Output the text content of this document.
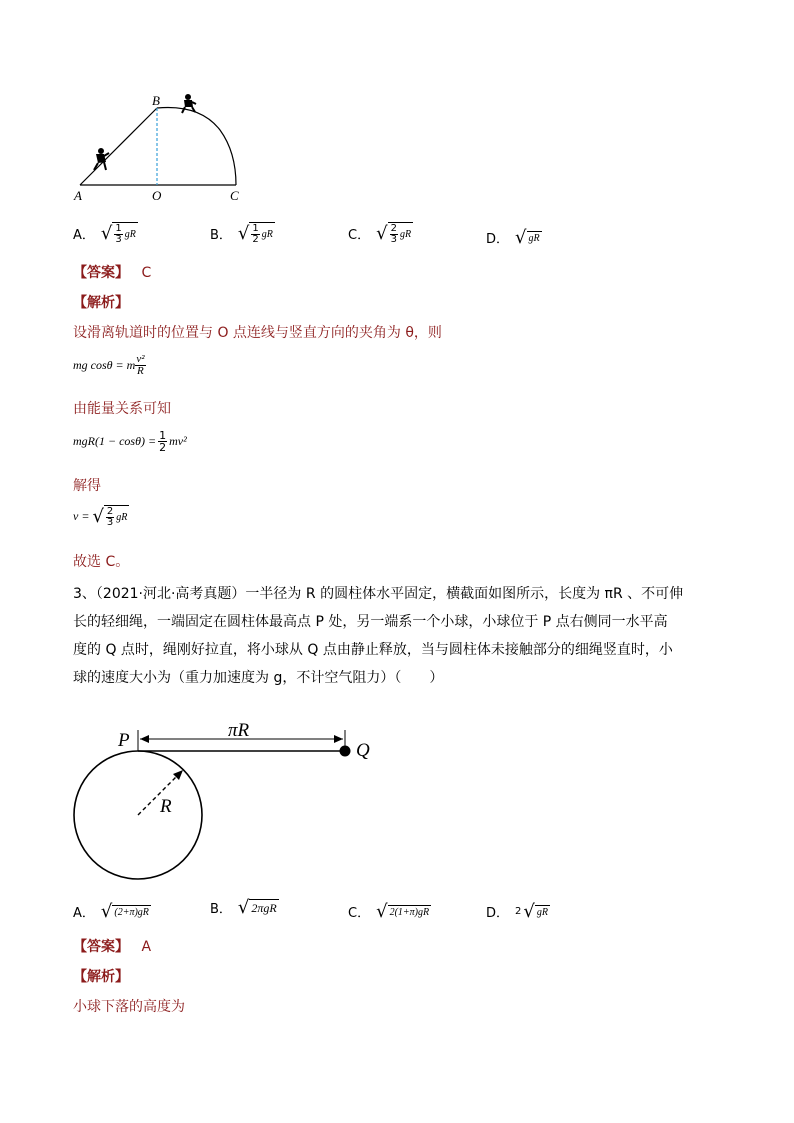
A
B
O	C
A． √ $\frac{1}{3}$ gR	B． √ $\frac{1}{2}$ gR	C． √ $\frac{2}{3}$ gR	D． √ gR
【答案】 C
【解析】
设滑离轨道时的位置与 O 点连线与竖直方向的夹角为 θ，则
mg cosθ = m $\frac{\text{v²}}{R}$
由能量关系可知
$mgR(1 - \cos\theta) = \frac{1}{2} mv^2$
解得
v = √ $\frac{2}{3}$ gR
故选 C。
3、（2021·河北·高考真题）一半径为 R 的圆柱体水平固定，横截面如图所示，长度为 πR 、不可伸
长的轻细绳，一端固定在圆柱体最高点 P 处，另一端系一个小球，小球位于 P 点右侧同一水平高
度的 Q 点时，绳刚好拉直，将小球从 Q 点由静止释放，当与圆柱体未接触部分的细绳竖直时，小
球的速度大小为（重力加速度为 g，不计空气阻力）（　　）
P	Q
πR
R
A． √ (2+π)gR	B． √ 2πgR	C． √ 2(1+π)gR	D． 2 √ gR
【答案】 A
【解析】
小球下落的高度为
